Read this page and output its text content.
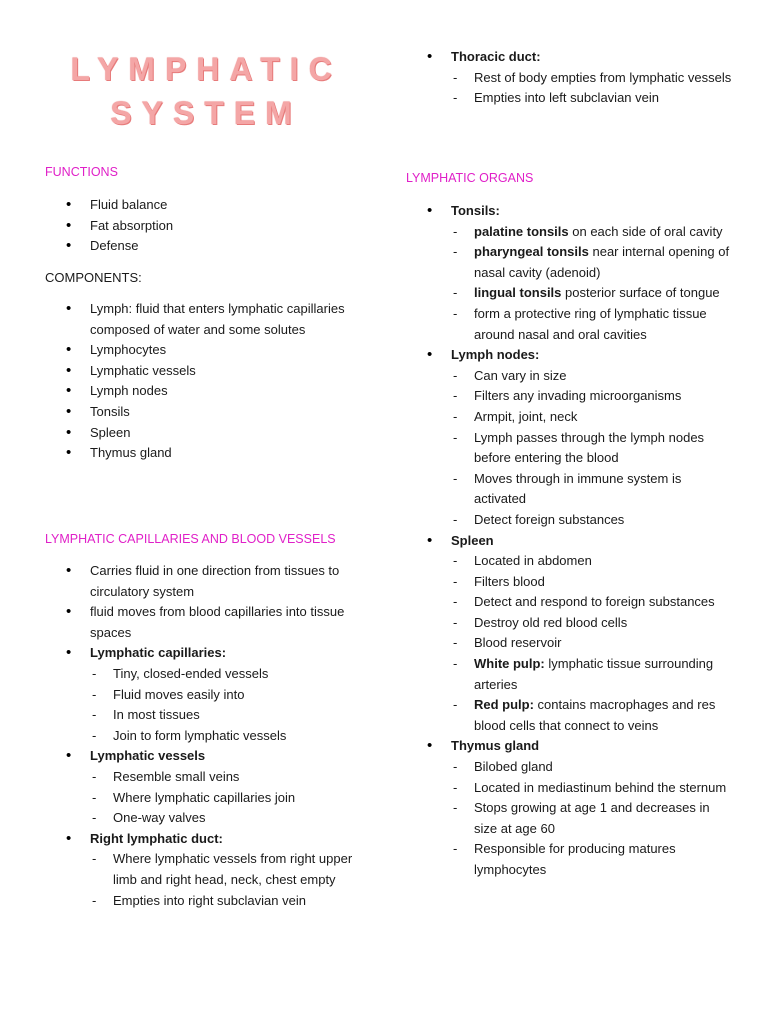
LYMPHATIC
SYSTEM
FUNCTIONS
• Fluid balance
• Fat absorption
• Defense
COMPONENTS:
• Lymph: fluid that enters lymphatic capillaries composed of water and some solutes
• Lymphocytes
• Lymphatic vessels
• Lymph nodes
• Tonsils
• Spleen
• Thymus gland
LYMPHATIC CAPILLARIES AND BLOOD VESSELS
• Carries fluid in one direction from tissues to circulatory system
• fluid moves from blood capillaries into tissue spaces
• Lymphatic capillaries:
- Tiny, closed-ended vessels
- Fluid moves easily into
- In most tissues
- Join to form lymphatic vessels
• Lymphatic vessels
- Resemble small veins
- Where lymphatic capillaries join
- One-way valves
• Right lymphatic duct:
- Where lymphatic vessels from right upper limb and right head, neck, chest empty
- Empties into right subclavian vein
• Thoracic duct:
- Rest of body empties from lymphatic vessels
- Empties into left subclavian vein
LYMPHATIC ORGANS
• Tonsils:
- palatine tonsils on each side of oral cavity
- pharyngeal tonsils near internal opening of nasal cavity (adenoid)
- lingual tonsils posterior surface of tongue
- form a protective ring of lymphatic tissue around nasal and oral cavities
• Lymph nodes:
- Can vary in size
- Filters any invading microorganisms
- Armpit, joint, neck
- Lymph passes through the lymph nodes before entering the blood
- Moves through in immune system is activated
- Detect foreign substances
• Spleen
- Located in abdomen
- Filters blood
- Detect and respond to foreign substances
- Destroy old red blood cells
- Blood reservoir
- White pulp: lymphatic tissue surrounding arteries
- Red pulp: contains macrophages and res blood cells that connect to veins
• Thymus gland
- Bilobed gland
- Located in mediastinum behind the sternum
- Stops growing at age 1 and decreases in size at age 60
- Responsible for producing matures lymphocytes
